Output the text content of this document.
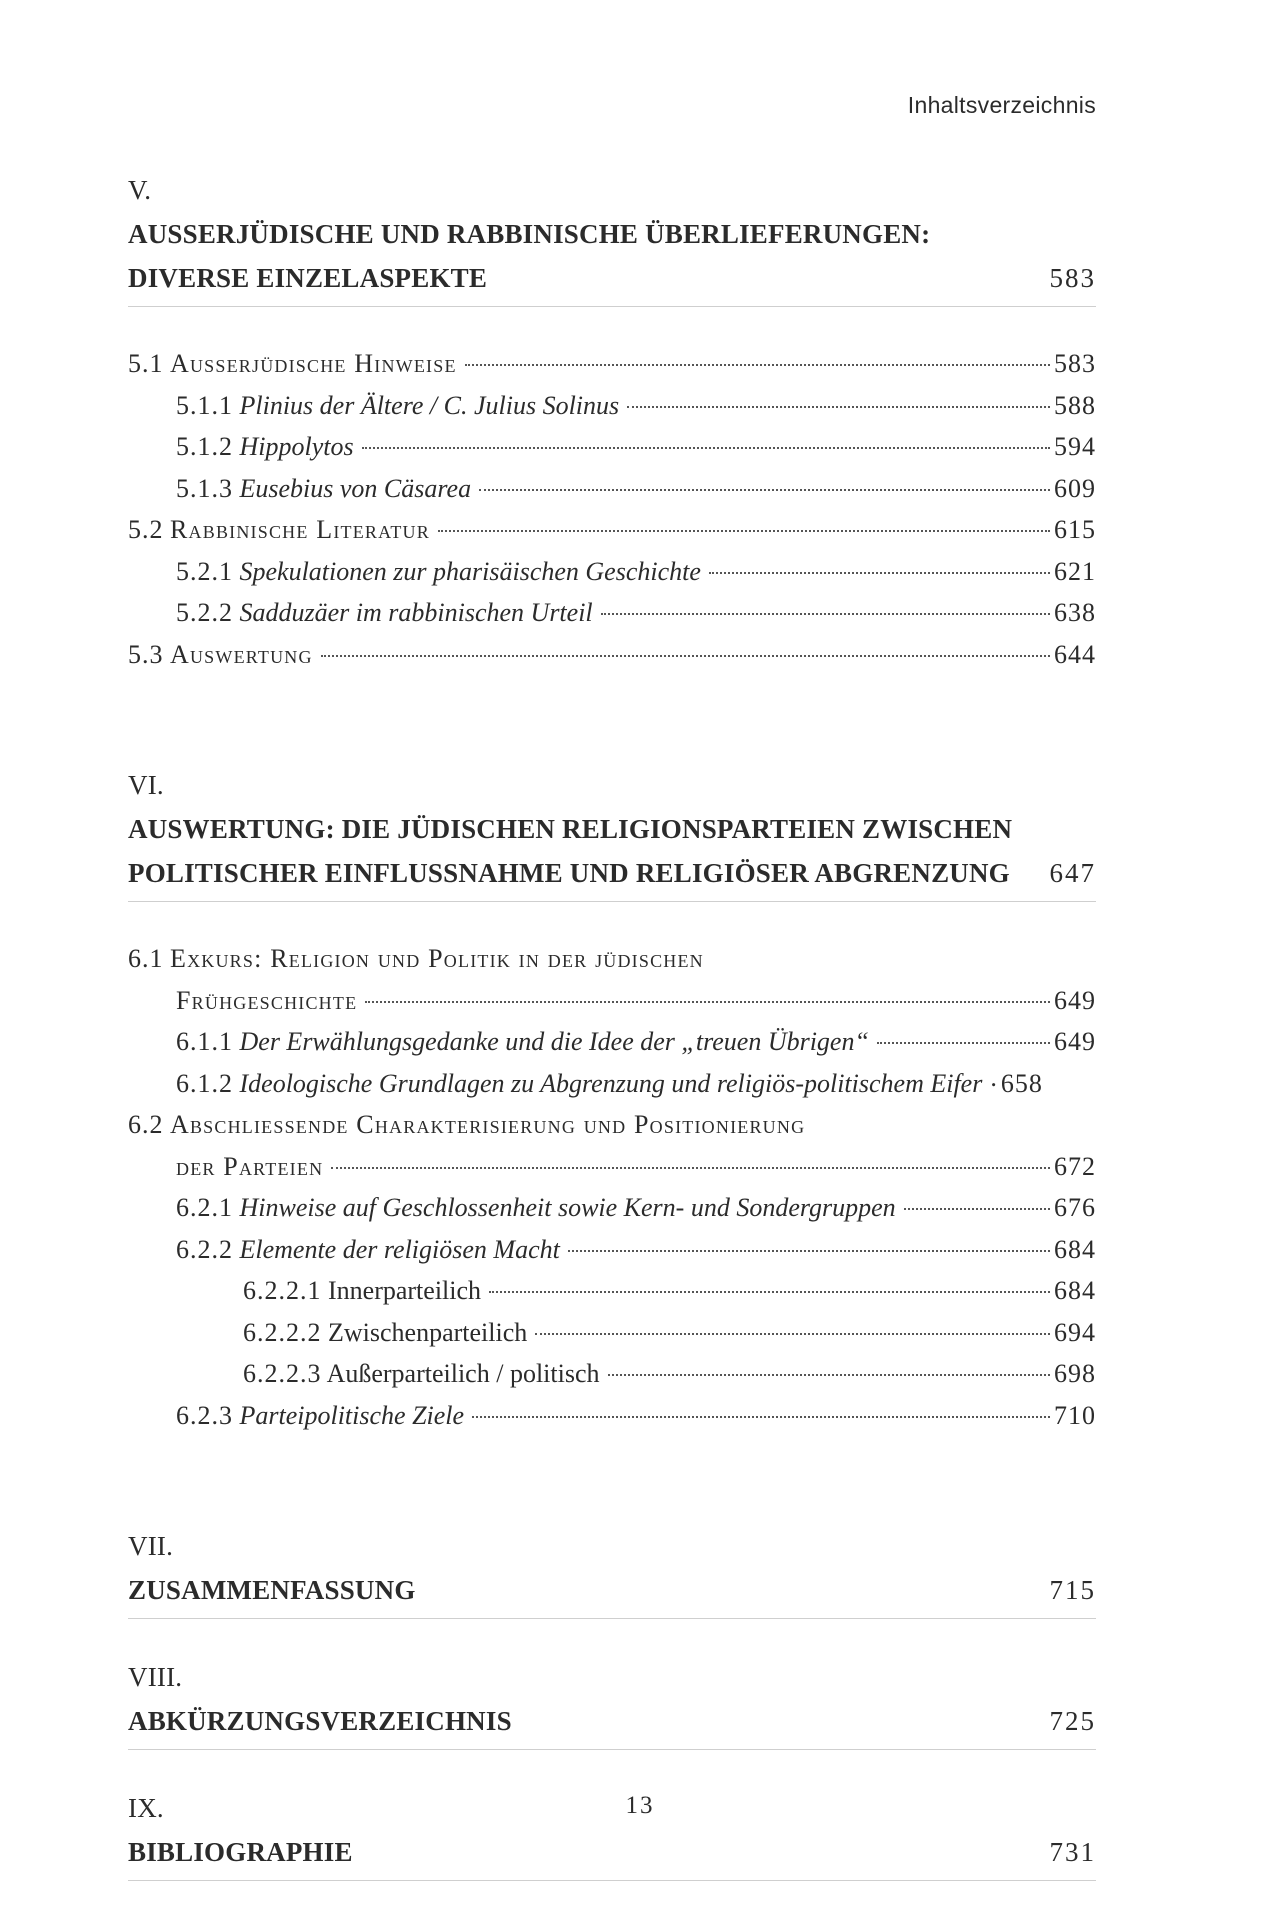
Inhaltsverzeichnis
V.
AUSSERJÜDISCHE UND RABBINISCHE ÜBERLIEFERUNGEN:
DIVERSE EINZELASPEKTE	583
5.1 Ausserjüdische Hinweise	583
5.1.1 Plinius der Ältere / C. Julius Solinus	588
5.1.2 Hippolytos	594
5.1.3 Eusebius von Cäsarea	609
5.2 Rabbinische Literatur	615
5.2.1 Spekulationen zur pharisäischen Geschichte	621
5.2.2 Sadduzäer im rabbinischen Urteil	638
5.3 Auswertung	644
VI.
AUSWERTUNG: DIE JÜDISCHEN RELIGIONSPARTEIEN ZWISCHEN
POLITISCHER EINFLUSSNAHME UND RELIGIÖSER ABGRENZUNG	647
6.1 Exkurs: Religion und Politik in der jüdischen
Frühgeschichte	649
6.1.1 Der Erwählungsgedanke und die Idee der „treuen Übrigen“	649
6.1.2 Ideologische Grundlagen zu Abgrenzung und religiös-politischem Eifer . 658
6.2 Abschliessende Charakterisierung und Positionierung
der Parteien	672
6.2.1 Hinweise auf Geschlossenheit sowie Kern- und Sondergruppen	676
6.2.2 Elemente der religiösen Macht	684
6.2.2.1 Innerparteilich	684
6.2.2.2 Zwischenparteilich	694
6.2.2.3 Außerparteilich / politisch	698
6.2.3 Parteipolitische Ziele	710
VII.
ZUSAMMENFASSUNG	715
VIII.
ABKÜRZUNGSVERZEICHNIS	725
IX.
BIBLIOGRAPHIE	731
13
